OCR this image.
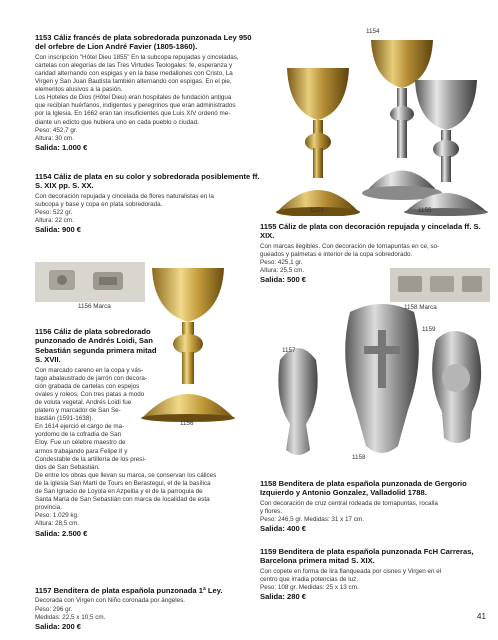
1154
1153	1155
1156 Marca
1156
1158 Marca
1159
1157
1158
1153 Cáliz francés de plata sobredorada punzonada Ley 950 del orfebre de Lion André Favier (1805-1860).
Con inscripción "Hôtel Dieu 1855" En la subcopa repujadas y cinceladas,
cartelas con alegorías de las Tres Virtudes Teologales: fe, esperanza y
caridad alternando con espigas y en la base medallones con Cristo, La
Virgen y San Juan Bautista también alternando con espigas. En el pie,
elementos alusivos a la pasión.
Los Hoteles de Dios (Hôtel Dieu) eran hospitales de fundación antigua
que recibían huérfanos, indigentes y peregrinos que eran administrados
por la Iglesia. En 1662 eran tan insuficientes que Luis XIV ordenó me-
diante un edicto que hubiera uno en cada pueblo o ciudad.
Peso: 452,7 gr.
Altura: 30 cm.
Salida: 1.000 €
1154 Cáliz de plata en su color y sobredorada posiblemente ff. S. XIX pp. S. XX.
Con decoración repujada y cincelada de flores naturalistas en la
subcopa y base y copa en plata sobredorada.
Peso: 522 gr.
Altura: 22 cm.
Salida: 900 €	1155 Cáliz de plata con decoración repujada y cincelada ff. S. XIX.
Con marcas ilegibles. Con decoración de tornapuntas en ce, so-
gueados y palmetas e interior de la copa sobredorado.
Peso: 425,1 gr.
Altura: 25,5 cm.
Salida: 500 €
1156 Cáliz de plata sobredorado punzonado de Andrés Loidi, San Sebastián segunda primera mitad S. XVII.
Con marcado careno en la copa y vás-
tago abalaustrado de jarrón con decora-
ción grabada de cartelas con espejos
ovales y roleos. Con tres patas a modo
de voluta vegetal. Andrés Loidi fue
platero y marcador de San Se-
bastián (1591-1638).
En 1614 ejerció el cargo de ma-
yordomo de la cofradía de San
Eloy. Fue un célebre maestro de
armos trabajando para Felipe II y
Condestable de la artillería de los presi-
dios de San Sebastián.
De entre los obras que llevan su marca, se conservan los cálices
de la iglesia San Martí de Tours en Berastegui, el de la basílica
de San Ignacio de Loyola en Azpeitia y el de la parroquia de
Santa María de San Sebastián con marca de localidad de esta
provincia.
Peso: 1.029 kg.
Altura: 28,5 cm.
Salida: 2.500 €
1157 Benditera de plata española punzonada 1ª Ley.
Decorada con Virgen con Niño coronada por ángeles.
Peso: 296 gr.
Medidas: 22,5 x 10,5 cm.
Salida: 200 €
1158 Benditera de plata española punzonada de Gergorio Izquierdo y Antonio Gonzalez, Valladolid 1788.
Con decoración de cruz central rodeada de tornapuntas, rocalla
y flores.
Peso: 246,5 gr. Medidas: 31 x 17 cm.
Salida: 400 €
1159 Benditera de plata española punzonada FcH Carreras, Barcelona primera mitad S. XIX.
Con copete en forma de lira flanqueada por cisnes y Virgen en el
centro que irradia potencias de luz.
Peso: 108 gr. Medidas: 25 x 13 cm.
Salida: 280 €
41
